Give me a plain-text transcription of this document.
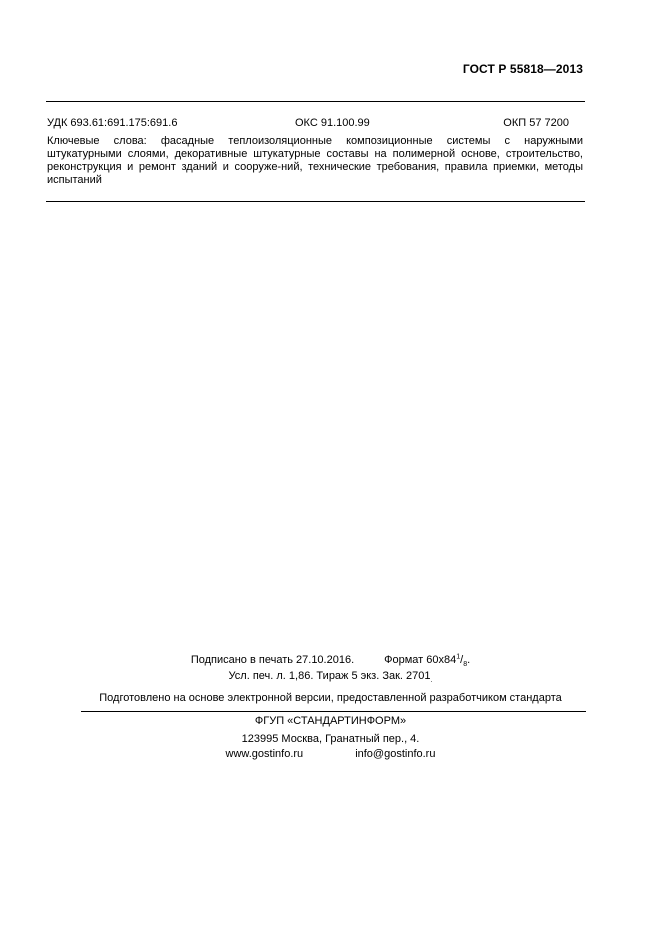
ГОСТ Р 55818—2013
УДК 693.61:691.175:691.6	ОКС 91.100.99	ОКП 57 7200
Ключевые слова: фасадные теплоизоляционные композиционные системы с наружными штукатурными слоями, декоративные штукатурные составы на полимерной основе, строительство, реконструкция и ремонт зданий и сооруже-ний, технические требования, правила приемки, методы испытаний
Подписано в печать 27.10.2016.	Формат $60x84^1/_8$.
Усл. печ. л. 1,86. Тираж 5 экз. Зак. $2701_.$
Подготовлено на основе электронной версии, предоставленной разработчиком стандарта
ФГУП «СТАНДАРТИНФОРМ»
123995 Москва, Гранатный пер., 4.
www.gostinfo.ru	info@gostinfo.ru
